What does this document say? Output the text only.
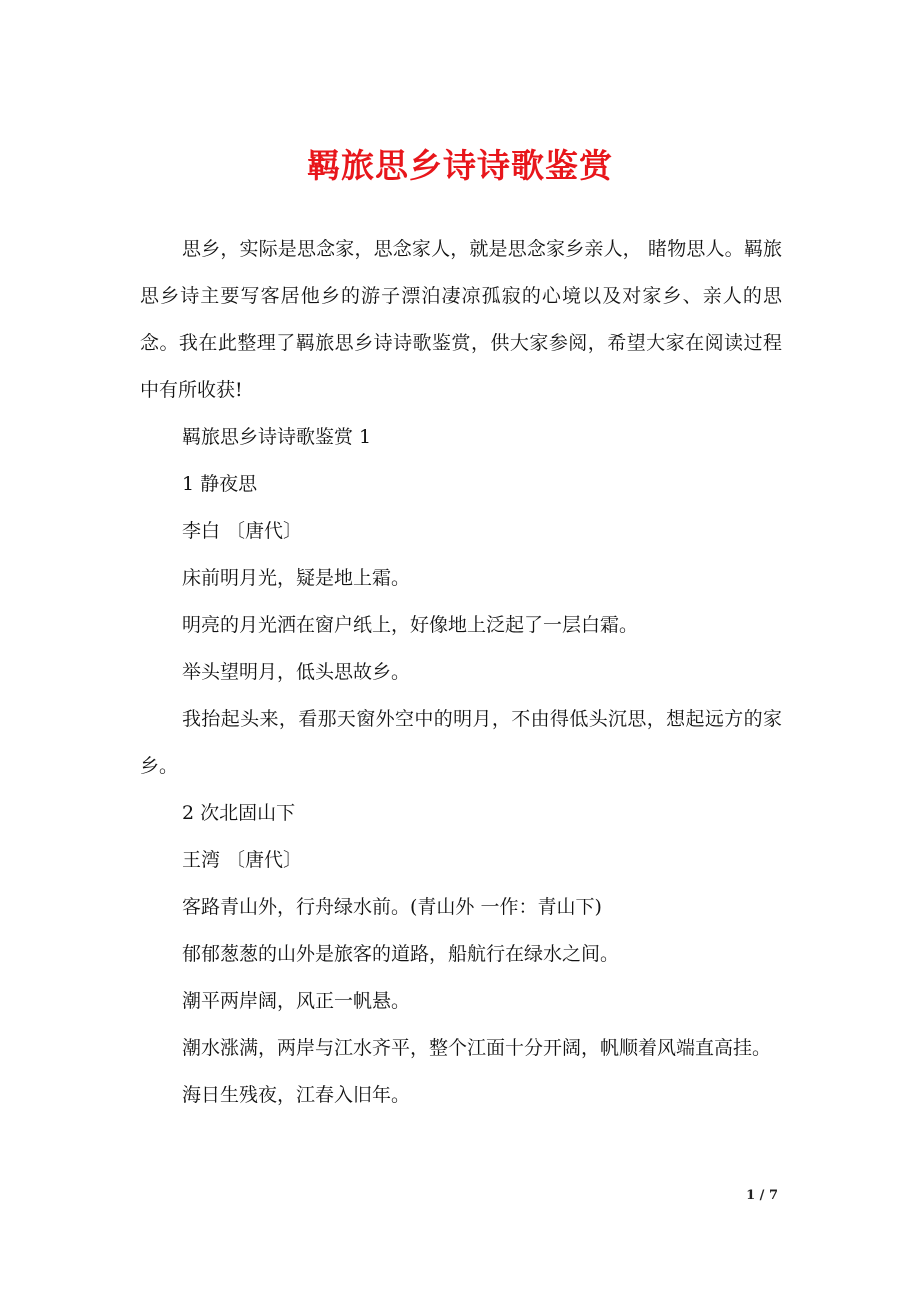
羁旅思乡诗诗歌鉴赏

思乡，实际是思念家，思念家人，就是思念家乡亲人， 睹物思人。羁旅思乡诗主要写客居他乡的游子漂泊凄凉孤寂的心境以及对家乡、亲人的思念。我在此整理了羁旅思乡诗诗歌鉴赏，供大家参阅，希望大家在阅读过程中有所收获!

羁旅思乡诗诗歌鉴赏 1

1 静夜思

李白 〔唐代〕

床前明月光，疑是地上霜。

明亮的月光洒在窗户纸上，好像地上泛起了一层白霜。

举头望明月，低头思故乡。

我抬起头来，看那天窗外空中的明月，不由得低头沉思，想起远方的家乡。

2 次北固山下

王湾 〔唐代〕

客路青山外，行舟绿水前。(青山外 一作：青山下)

郁郁葱葱的山外是旅客的道路，船航行在绿水之间。

潮平两岸阔，风正一帆悬。

潮水涨满，两岸与江水齐平，整个江面十分开阔，帆顺着风端直高挂。

海日生残夜，江春入旧年。

1 / 7
